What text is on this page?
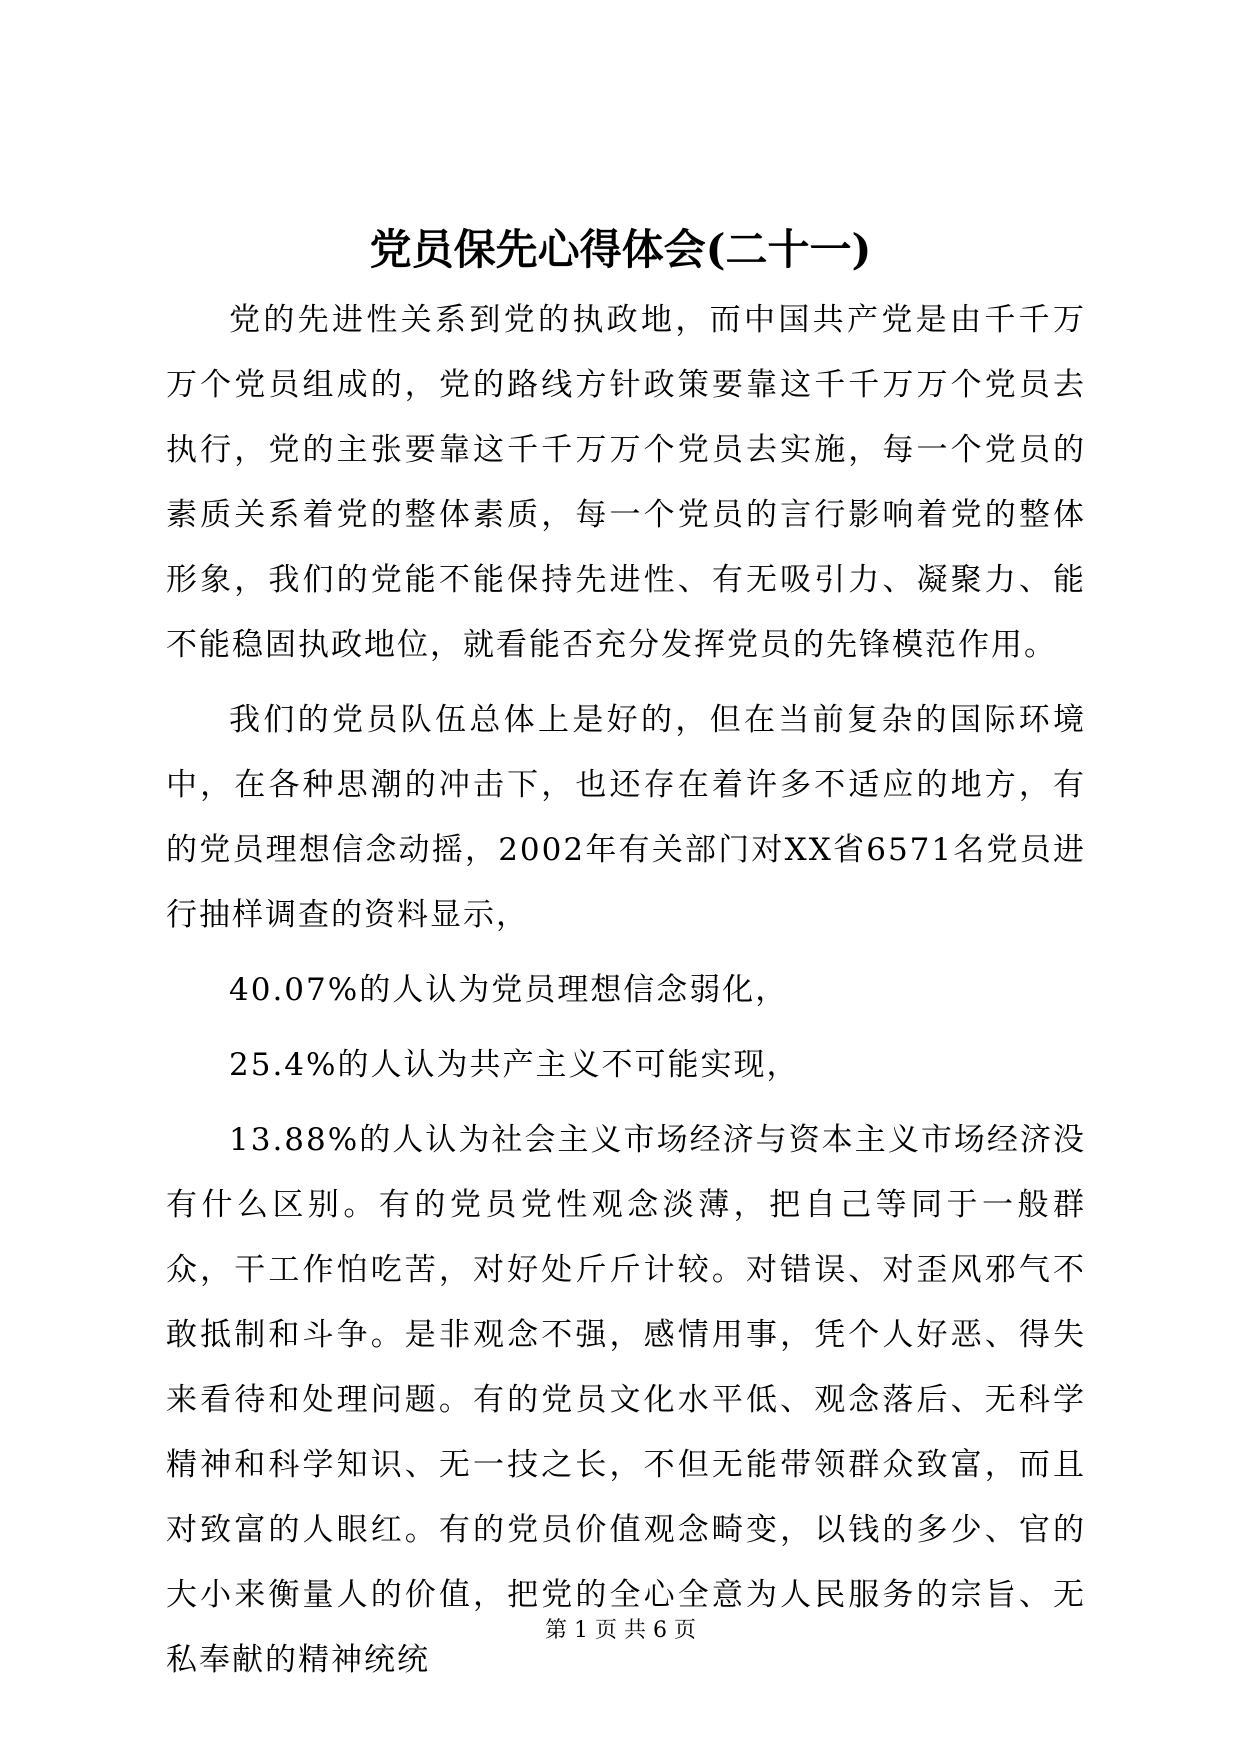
党员保先心得体会(二十一)

党的先进性关系到党的执政地，而中国共产党是由千千万万个党员组成的，党的路线方针政策要靠这千千万万个党员去执行，党的主张要靠这千千万万个党员去实施，每一个党员的素质关系着党的整体素质，每一个党员的言行影响着党的整体形象，我们的党能不能保持先进性、有无吸引力、凝聚力、能不能稳固执政地位，就看能否充分发挥党员的先锋模范作用。

我们的党员队伍总体上是好的，但在当前复杂的国际环境中，在各种思潮的冲击下，也还存在着许多不适应的地方，有的党员理想信念动摇，2002年有关部门对XX省6571名党员进行抽样调查的资料显示，

40.07%的人认为党员理想信念弱化，

25.4%的人认为共产主义不可能实现，

13.88%的人认为社会主义市场经济与资本主义市场经济没有什么区别。有的党员党性观念淡薄，把自己等同于一般群众，干工作怕吃苦，对好处斤斤计较。对错误、对歪风邪气不敢抵制和斗争。是非观念不强，感情用事，凭个人好恶、得失来看待和处理问题。有的党员文化水平低、观念落后、无科学精神和科学知识、无一技之长，不但无能带领群众致富，而且对致富的人眼红。有的党员价值观念畸变，以钱的多少、官的大小来衡量人的价值，把党的全心全意为人民服务的宗旨、无私奉献的精神统统

第 1 页 共 6 页
